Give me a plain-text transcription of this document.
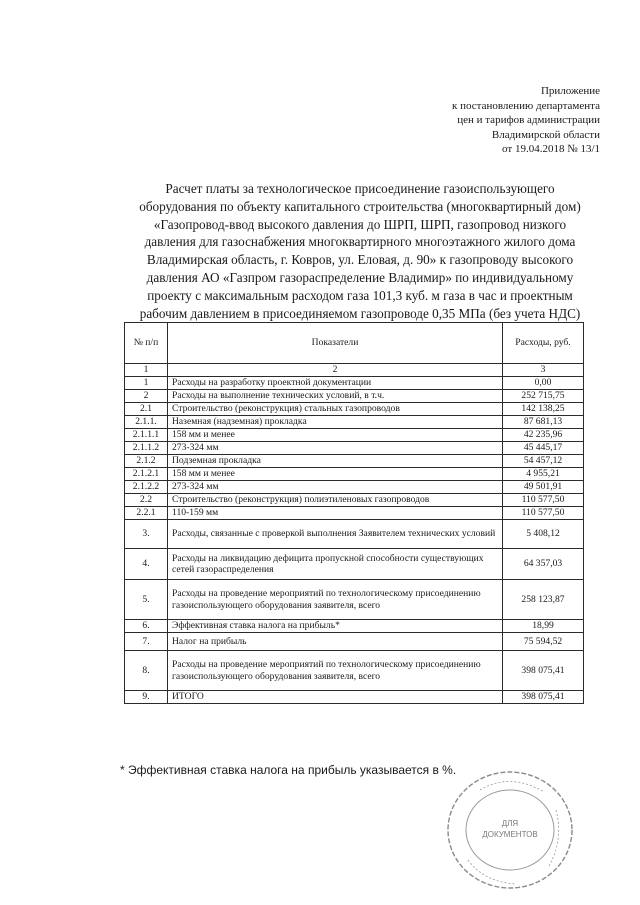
Приложение
к постановлению департамента
цен и тарифов администрации
Владимирской области
от 19.04.2018 № 13/1
Расчет платы за технологическое присоединение газоиспользующего
оборудования по объекту капитального строительства (многоквартирный дом)
«Газопровод-ввод высокого давления до ШРП, ШРП, газопровод низкого
давления для газоснабжения многоквартирного многоэтажного жилого дома
Владимирская область, г. Ковров, ул. Еловая, д. 90» к газопроводу высокого
давления АО «Газпром газораспределение Владимир» по индивидуальному
проекту с максимальным расходом газа 101,3 куб. м газа в час и проектным
рабочим давлением в присоединяемом газопроводе 0,35 МПа (без учета НДС)
№ п/п	Показатели	Расходы, руб.
1	2	3
1	Расходы на разработку проектной документации	0,00
2	Расходы на выполнение технических условий, в т.ч.	252 715,75
2.1	Строительство (реконструкция) стальных газопроводов	142 138,25
2.1.1.	Наземная (надземная) прокладка	87 681,13
2.1.1.1	158 мм и менее	42 235,96
2.1.1.2	273-324 мм	45 445,17
2.1.2	Подземная прокладка	54 457,12
2.1.2.1	158 мм и менее	4 955,21
2.1.2.2	273-324 мм	49 501,91
2.2	Строительство (реконструкция) полиэтиленовых газопроводов	110 577,50
2.2.1	110-159 мм	110 577,50
3.	Расходы, связанные с проверкой выполнения Заявителем технических условий	5 408,12
4.	Расходы на ликвидацию дефицита пропускной способности существующих сетей газораспределения	64 357,03
5.	Расходы на проведение мероприятий по технологическому присоединению газоиспользующего оборудования заявителя, всего	258 123,87
6.	Эффективная ставка налога на прибыль*	18,99
7.	Налог на прибыль	75 594,52
8.	Расходы на проведение мероприятий по технологическому присоединению газоиспользующего оборудования заявителя, всего	398 075,41
9.	ИТОГО	398 075,41
* Эффективная ставка налога на прибыль указывается в %.
ДЛЯ
ДОКУМЕНТОВ
